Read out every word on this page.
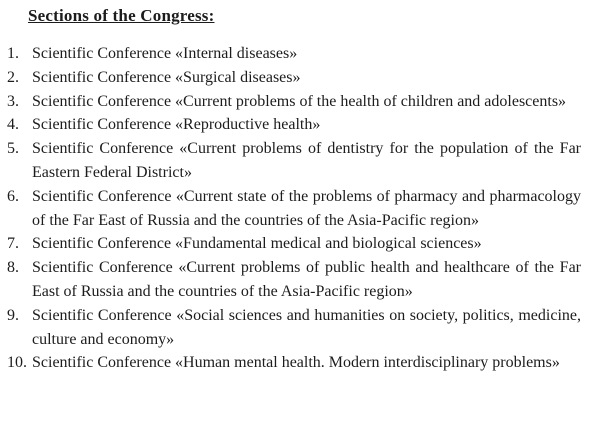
Sections of the Congress:
1. Scientific Conference «Internal diseases»
2. Scientific Conference «Surgical diseases»
3. Scientific Conference «Current problems of the health of children and adolescents»
4. Scientific Conference «Reproductive health»
5. Scientific Conference «Current problems of dentistry for the population of the Far Eastern Federal District»
6. Scientific Conference «Current state of the problems of pharmacy and pharmacology of the Far East of Russia and the countries of the Asia-Pacific region»
7. Scientific Conference «Fundamental medical and biological sciences»
8. Scientific Conference «Current problems of public health and healthcare of the Far East of Russia and the countries of the Asia-Pacific region»
9. Scientific Conference «Social sciences and humanities on society, politics, medicine, culture and economy»
10. Scientific Conference «Human mental health. Modern interdisciplinary problems»
